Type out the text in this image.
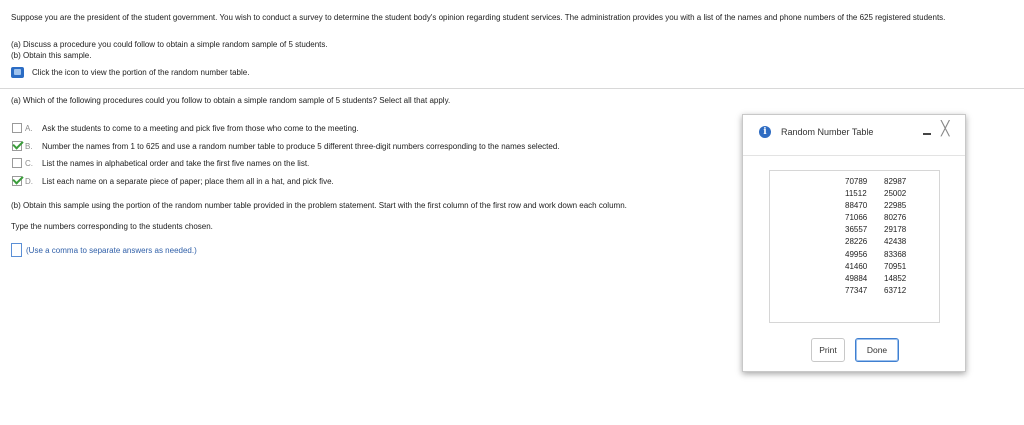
Suppose you are the president of the student government. You wish to conduct a survey to determine the student body's opinion regarding student services. The administration provides you with a list of the names and phone numbers of the 625 registered students.
(a) Discuss a procedure you could follow to obtain a simple random sample of 5 students.
(b) Obtain this sample.
Click the icon to view the portion of the random number table.
(a) Which of the following procedures could you follow to obtain a simple random sample of 5 students? Select all that apply.
A.	Ask the students to come to a meeting and pick five from those who come to the meeting.
B.	Number the names from 1 to 625 and use a random number table to produce 5 different three-digit numbers corresponding to the names selected.
C.	List the names in alphabetical order and take the first five names on the list.
D.	List each name on a separate piece of paper; place them all in a hat, and pick five.
(b) Obtain this sample using the portion of the random number table provided in the problem statement. Start with the first column of the first row and work down each column.
Type the numbers corresponding to the students chosen.
(Use a comma to separate answers as needed.)
i	Random Number Table	╳
70789 82987
11512 25002
88470 22985
71066 80276
36557 29178
28226 42438
49956 83368
41460 70951
49884 14852
77347 63712
Print	Done
